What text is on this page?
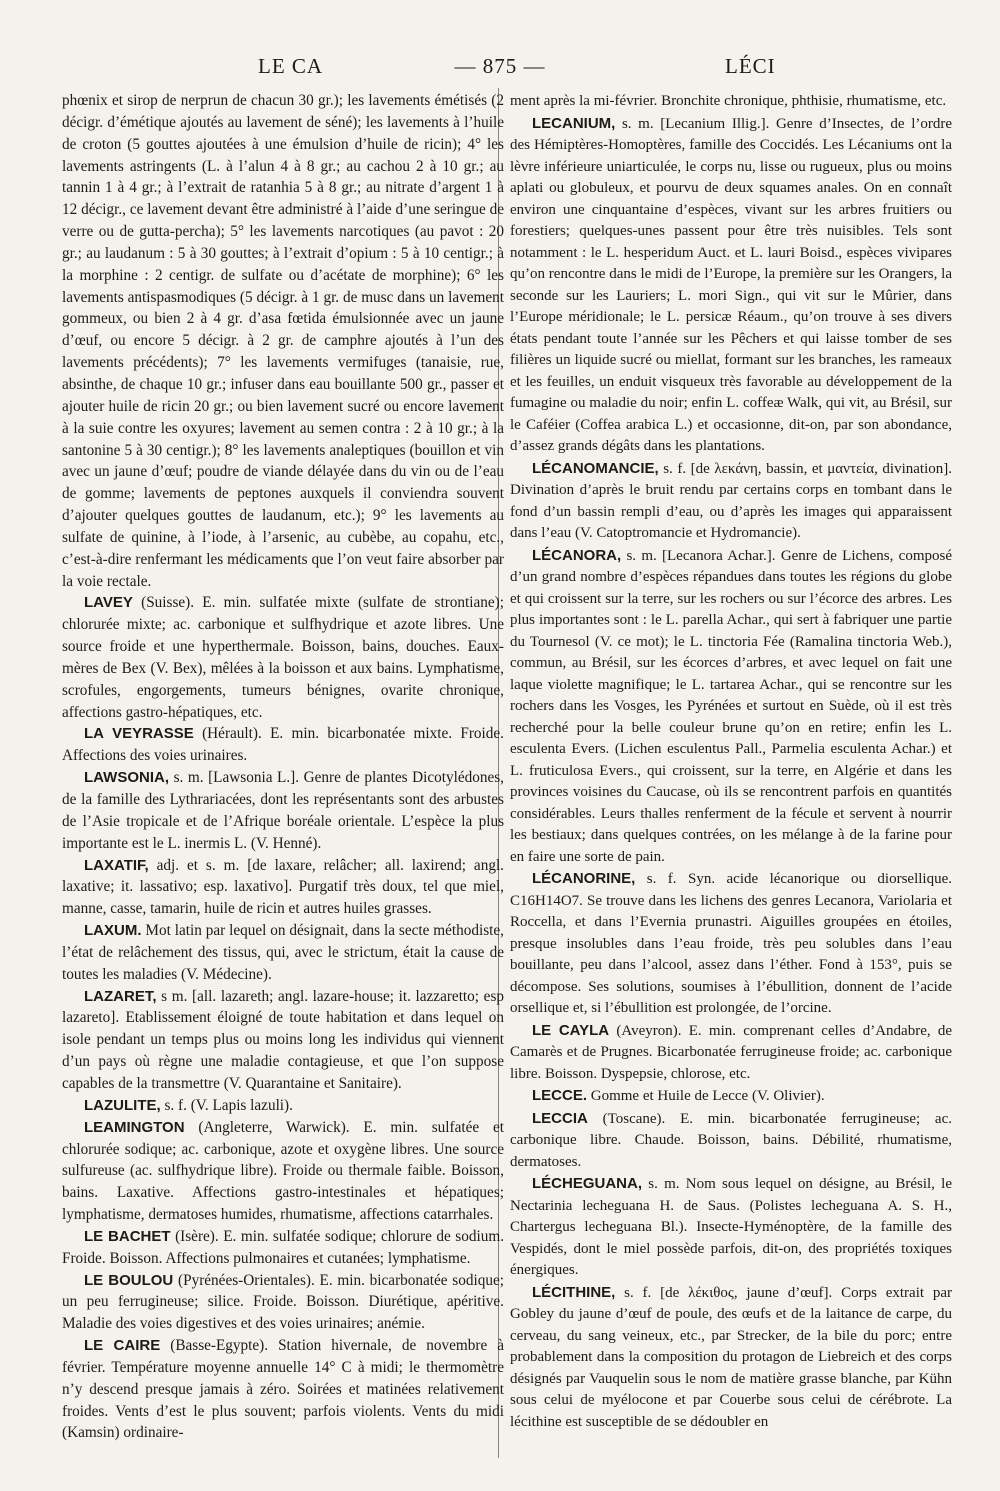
LE CA	— 875 —	LÉCI

phœnix et sirop de nerprun de chacun 30 gr.); les lavements émétisés (2 décigr. d’émétique ajoutés au lavement de séné); les lavements à l’huile de croton (5 gouttes ajoutées à une émulsion d’huile de ricin); 4° les lavements astringents (L. à l’alun 4 à 8 gr.; au cachou 2 à 10 gr.; au tannin 1 à 4 gr.; à l’extrait de ratanhia 5 à 8 gr.; au nitrate d’argent 1 à 12 décigr., ce lavement devant être administré à l’aide d’une seringue de verre ou de gutta-percha); 5° les lavements narcotiques (au pavot : 20 gr.; au laudanum : 5 à 30 gouttes; à l’extrait d’opium : 5 à 10 centigr.; à la morphine : 2 centigr. de sulfate ou d’acétate de morphine); 6° les lavements antispasmodiques (5 décigr. à 1 gr. de musc dans un lavement gommeux, ou bien 2 à 4 gr. d’asa fœtida émulsionnée avec un jaune d’œuf, ou encore 5 décigr. à 2 gr. de camphre ajoutés à l’un des lavements précédents); 7° les lavements vermifuges (tanaisie, rue, absinthe, de chaque 10 gr.; infuser dans eau bouillante 500 gr., passer et ajouter huile de ricin 20 gr.; ou bien lavement sucré ou encore lavement à la suie contre les oxyures; lavement au semen contra : 2 à 10 gr.; à la santonine 5 à 30 centigr.); 8° les lavements analeptiques (bouillon et vin avec un jaune d’œuf; poudre de viande délayée dans du vin ou de l’eau de gomme; lavements de peptones auxquels il conviendra souvent d’ajouter quelques gouttes de laudanum, etc.); 9° les lavements au sulfate de quinine, à l’iode, à l’arsenic, au cubèbe, au copahu, etc., c’est-à-dire renfermant les médicaments que l’on veut faire absorber par la voie rectale.

LAVEY (Suisse). E. min. sulfatée mixte (sulfate de strontiane); chlorurée mixte; ac. carbonique et sulfhydrique et azote libres. Une source froide et une hyperthermale. Boisson, bains, douches. Eaux-mères de Bex (V. Bex), mêlées à la boisson et aux bains. Lymphatisme, scrofules, engorgements, tumeurs bénignes, ovarite chronique, affections gastro-hépatiques, etc.

LA VEYRASSE (Hérault). E. min. bicarbonatée mixte. Froide. Affections des voies urinaires.

LAWSONIA, s. m. [Lawsonia L.]. Genre de plantes Dicotylédones, de la famille des Lythrariacées, dont les représentants sont des arbustes de l’Asie tropicale et de l’Afrique boréale orientale. L’espèce la plus importante est le L. inermis L. (V. Henné).

LAXATIF, adj. et s. m. [de laxare, relâcher; all. laxirend; angl. laxative; it. lassativo; esp. laxativo]. Purgatif très doux, tel que miel, manne, casse, tamarin, huile de ricin et autres huiles grasses.

LAXUM. Mot latin par lequel on désignait, dans la secte méthodiste, l’état de relâchement des tissus, qui, avec le strictum, était la cause de toutes les maladies (V. Médecine).

LAZARET, s m. [all. lazareth; angl. lazare-house; it. lazzaretto; esp lazareto]. Etablissement éloigné de toute habitation et dans lequel on isole pendant un temps plus ou moins long les individus qui viennent d’un pays où règne une maladie contagieuse, et que l’on suppose capables de la transmettre (V. Quarantaine et Sanitaire).

LAZULITE, s. f. (V. Lapis lazuli).

LEAMINGTON (Angleterre, Warwick). E. min. sulfatée et chlorurée sodique; ac. carbonique, azote et oxygène libres. Une source sulfureuse (ac. sulfhydrique libre). Froide ou thermale faible. Boisson, bains. Laxative. Affections gastro-intestinales et hépatiques; lymphatisme, dermatoses humides, rhumatisme, affections catarrhales.

LE BACHET (Isère). E. min. sulfatée sodique; chlorure de sodium. Froide. Boisson. Affections pulmonaires et cutanées; lymphatisme.

LE BOULOU (Pyrénées-Orientales). E. min. bicarbonatée sodique; un peu ferrugineuse; silice. Froide. Boisson. Diurétique, apéritive. Maladie des voies digestives et des voies urinaires; anémie.

LE CAIRE (Basse-Egypte). Station hivernale, de novembre à février. Température moyenne annuelle 14° C à midi; le thermomètre n’y descend presque jamais à zéro. Soirées et matinées relativement froides. Vents d’est le plus souvent; parfois violents. Vents du midi (Kamsin) ordinaire-

ment après la mi-février. Bronchite chronique, phthisie, rhumatisme, etc.

LECANIUM, s. m. [Lecanium Illig.]. Genre d’Insectes, de l’ordre des Hémiptères-Homoptères, famille des Coccidés. Les Lécaniums ont la lèvre inférieure uniarticulée, le corps nu, lisse ou rugueux, plus ou moins aplati ou globuleux, et pourvu de deux squames anales. On en connaît environ une cinquantaine d’espèces, vivant sur les arbres fruitiers ou forestiers; quelques-unes passent pour être très nuisibles. Tels sont notamment : le L. hesperidum Auct. et L. lauri Boisd., espèces vivipares qu’on rencontre dans le midi de l’Europe, la première sur les Orangers, la seconde sur les Lauriers; L. mori Sign., qui vit sur le Mûrier, dans l’Europe méridionale; le L. persicæ Réaum., qu’on trouve à ses divers états pendant toute l’année sur les Pêchers et qui laisse tomber de ses filières un liquide sucré ou miellat, formant sur les branches, les rameaux et les feuilles, un enduit visqueux très favorable au développement de la fumagine ou maladie du noir; enfin L. coffeæ Walk, qui vit, au Brésil, sur le Caféier (Coffea arabica L.) et occasionne, dit-on, par son abondance, d’assez grands dégâts dans les plantations.

LÉCANOMANCIE, s. f. [de λεκάνη, bassin, et μαντεία, divination]. Divination d’après le bruit rendu par certains corps en tombant dans le fond d’un bassin rempli d’eau, ou d’après les images qui apparaissent dans l’eau (V. Catoptromancie et Hydromancie).

LÉCANORA, s. m. [Lecanora Achar.]. Genre de Lichens, composé d’un grand nombre d’espèces répandues dans toutes les régions du globe et qui croissent sur la terre, sur les rochers ou sur l’écorce des arbres. Les plus importantes sont : le L. parella Achar., qui sert à fabriquer une partie du Tournesol (V. ce mot); le L. tinctoria Fée (Ramalina tinctoria Web.), commun, au Brésil, sur les écorces d’arbres, et avec lequel on fait une laque violette magnifique; le L. tartarea Achar., qui se rencontre sur les rochers dans les Vosges, les Pyrénées et surtout en Suède, où il est très recherché pour la belle couleur brune qu’on en retire; enfin les L. esculenta Evers. (Lichen esculentus Pall., Parmelia esculenta Achar.) et L. fruticulosa Evers., qui croissent, sur la terre, en Algérie et dans les provinces voisines du Caucase, où ils se rencontrent parfois en quantités considérables. Leurs thalles renferment de la fécule et servent à nourrir les bestiaux; dans quelques contrées, on les mélange à de la farine pour en faire une sorte de pain.

LÉCANORINE, s. f. Syn. acide lécanorique ou diorsellique. C16H14O7. Se trouve dans les lichens des genres Lecanora, Variolaria et Roccella, et dans l’Evernia prunastri. Aiguilles groupées en étoiles, presque insolubles dans l’eau froide, très peu solubles dans l’eau bouillante, peu dans l’alcool, assez dans l’éther. Fond à 153°, puis se décompose. Ses solutions, soumises à l’ébullition, donnent de l’acide orsellique et, si l’ébullition est prolongée, de l’orcine.

LE CAYLA (Aveyron). E. min. comprenant celles d’Andabre, de Camarès et de Prugnes. Bicarbonatée ferrugineuse froide; ac. carbonique libre. Boisson. Dyspepsie, chlorose, etc.

LECCE. Gomme et Huile de Lecce (V. Olivier).

LECCIA (Toscane). E. min. bicarbonatée ferrugineuse; ac. carbonique libre. Chaude. Boisson, bains. Débilité, rhumatisme, dermatoses.

LÉCHEGUANA, s. m. Nom sous lequel on désigne, au Brésil, le Nectarinia lecheguana H. de Saus. (Polistes lecheguana A. S. H., Chartergus lecheguana Bl.). Insecte-Hyménoptère, de la famille des Vespidés, dont le miel possède parfois, dit-on, des propriétés toxiques énergiques.

LÉCITHINE, s. f. [de λέκιθος, jaune d’œuf]. Corps extrait par Gobley du jaune d’œuf de poule, des œufs et de la laitance de carpe, du cerveau, du sang veineux, etc., par Strecker, de la bile du porc; entre probablement dans la composition du protagon de Liebreich et des corps désignés par Vauquelin sous le nom de matière grasse blanche, par Kühn sous celui de myélocone et par Couerbe sous celui de cérébrote. La lécithine est susceptible de se dédoubler en
